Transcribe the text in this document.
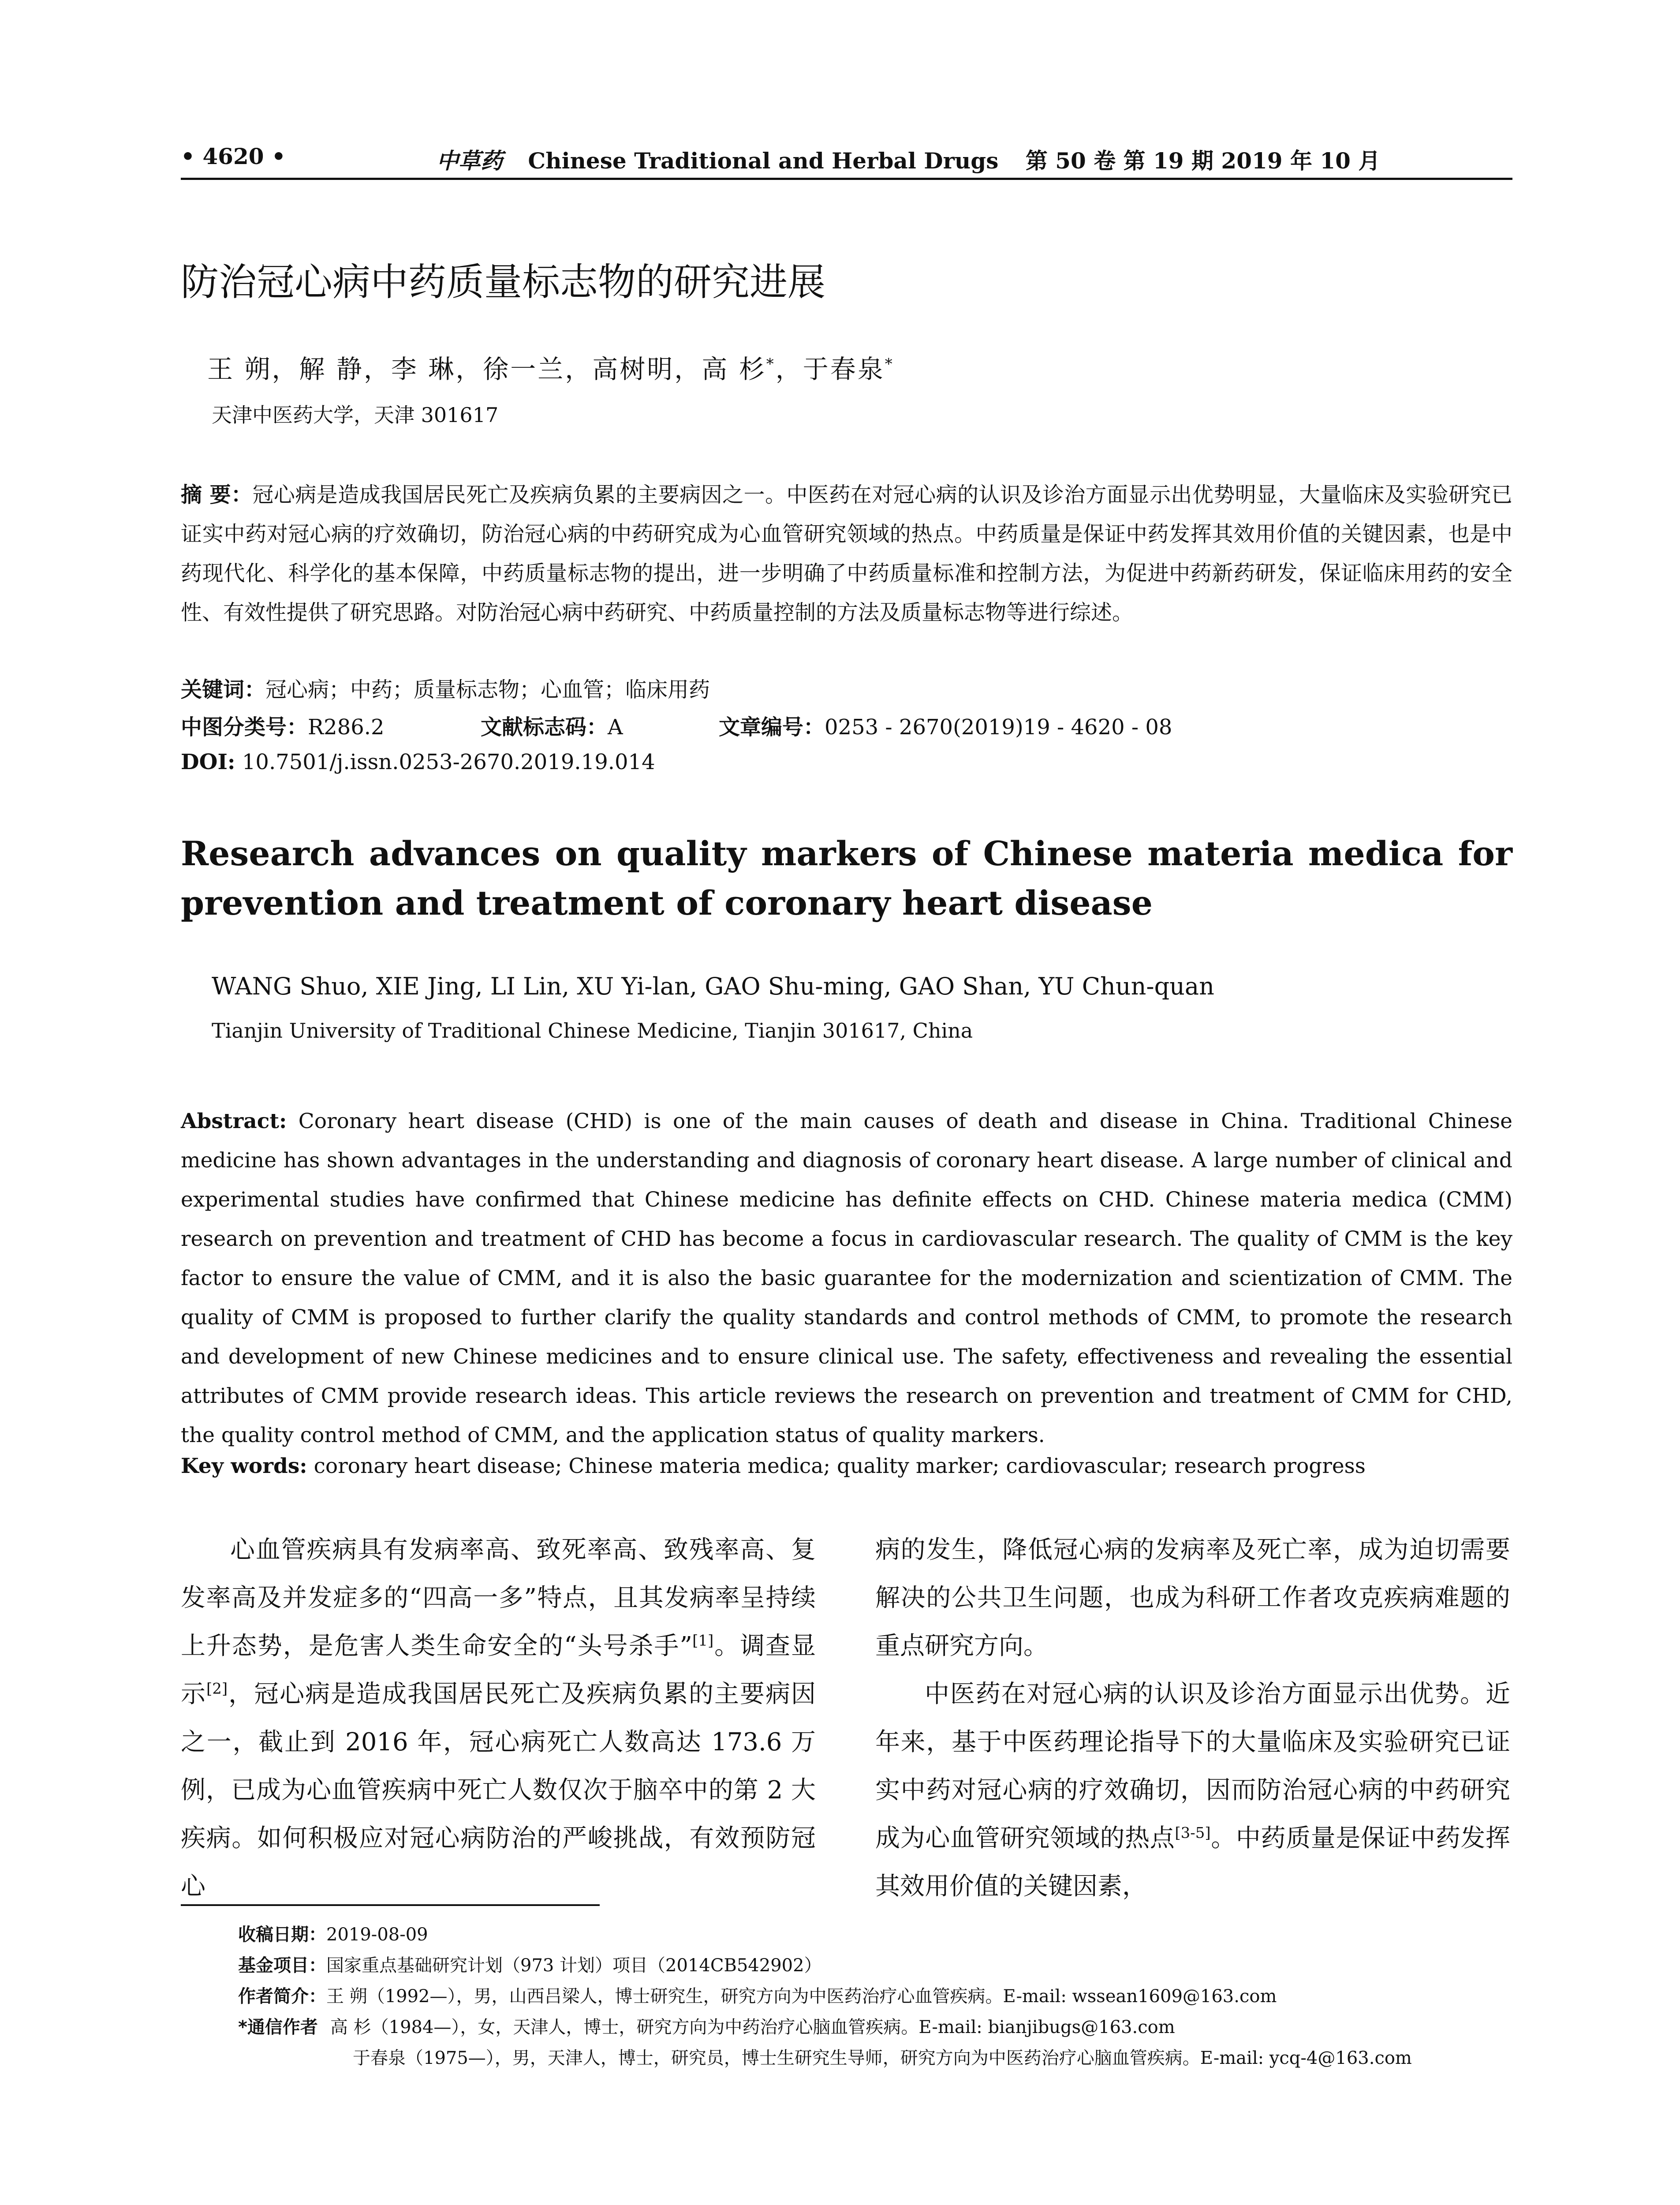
• 4620 •	中草药 Chinese Traditional and Herbal Drugs 第 50 卷 第 19 期 2019 年 10 月
防治冠心病中药质量标志物的研究进展
王 朔，解 静，李 琳，徐一兰，高树明，高 杉*，于春泉*
天津中医药大学，天津 301617
摘 要：冠心病是造成我国居民死亡及疾病负累的主要病因之一。中医药在对冠心病的认识及诊治方面显示出优势明显，大量临床及实验研究已证实中药对冠心病的疗效确切，防治冠心病的中药研究成为心血管研究领域的热点。中药质量是保证中药发挥其效用价值的关键因素，也是中药现代化、科学化的基本保障，中药质量标志物的提出，进一步明确了中药质量标准和控制方法，为促进中药新药研发，保证临床用药的安全性、有效性提供了研究思路。对防治冠心病中药研究、中药质量控制的方法及质量标志物等进行综述。
关键词：冠心病；中药；质量标志物；心血管；临床用药
中图分类号：R286.2	文献标志码：A	文章编号：0253 - 2670(2019)19 - 4620 - 08
DOI: 10.7501/j.issn.0253-2670.2019.19.014
Research advances on quality markers of Chinese materia medica for prevention and treatment of coronary heart disease
WANG Shuo, XIE Jing, LI Lin, XU Yi-lan, GAO Shu-ming, GAO Shan, YU Chun-quan
Tianjin University of Traditional Chinese Medicine, Tianjin 301617, China
Abstract: Coronary heart disease (CHD) is one of the main causes of death and disease in China. Traditional Chinese medicine has shown advantages in the understanding and diagnosis of coronary heart disease. A large number of clinical and experimental studies have confirmed that Chinese medicine has definite effects on CHD. Chinese materia medica (CMM) research on prevention and treatment of CHD has become a focus in cardiovascular research. The quality of CMM is the key factor to ensure the value of CMM, and it is also the basic guarantee for the modernization and scientization of CMM. The quality of CMM is proposed to further clarify the quality standards and control methods of CMM, to promote the research and development of new Chinese medicines and to ensure clinical use. The safety, effectiveness and revealing the essential attributes of CMM provide research ideas. This article reviews the research on prevention and treatment of CMM for CHD, the quality control method of CMM, and the application status of quality markers.
Key words: coronary heart disease; Chinese materia medica; quality marker; cardiovascular; research progress
心血管疾病具有发病率高、致死率高、致残率高、复发率高及并发症多的“四高一多”特点，且其发病率呈持续上升态势，是危害人类生命安全的“头号杀手”[1]。调查显示[2]，冠心病是造成我国居民死亡及疾病负累的主要病因之一，截止到 2016 年，冠心病死亡人数高达 173.6 万例，已成为心血管疾病中死亡人数仅次于脑卒中的第 2 大疾病。如何积极应对冠心病防治的严峻挑战，有效预防冠心
病的发生，降低冠心病的发病率及死亡率，成为迫切需要解决的公共卫生问题，也成为科研工作者攻克疾病难题的重点研究方向。
中医药在对冠心病的认识及诊治方面显示出优势。近年来，基于中医药理论指导下的大量临床及实验研究已证实中药对冠心病的疗效确切，因而防治冠心病的中药研究成为心血管研究领域的热点[3-5]。中药质量是保证中药发挥其效用价值的关键因素，
收稿日期：2019-08-09
基金项目：国家重点基础研究计划（973 计划）项目（2014CB542902）
作者简介：王 朔（1992—），男，山西吕梁人，博士研究生，研究方向为中医药治疗心血管疾病。E-mail: wssean1609@163.com
*通信作者 高 杉（1984—），女，天津人，博士，研究方向为中药治疗心脑血管疾病。E-mail: bianjibugs@163.com
于春泉（1975—），男，天津人，博士，研究员，博士生研究生导师，研究方向为中医药治疗心脑血管疾病。E-mail: ycq-4@163.com
